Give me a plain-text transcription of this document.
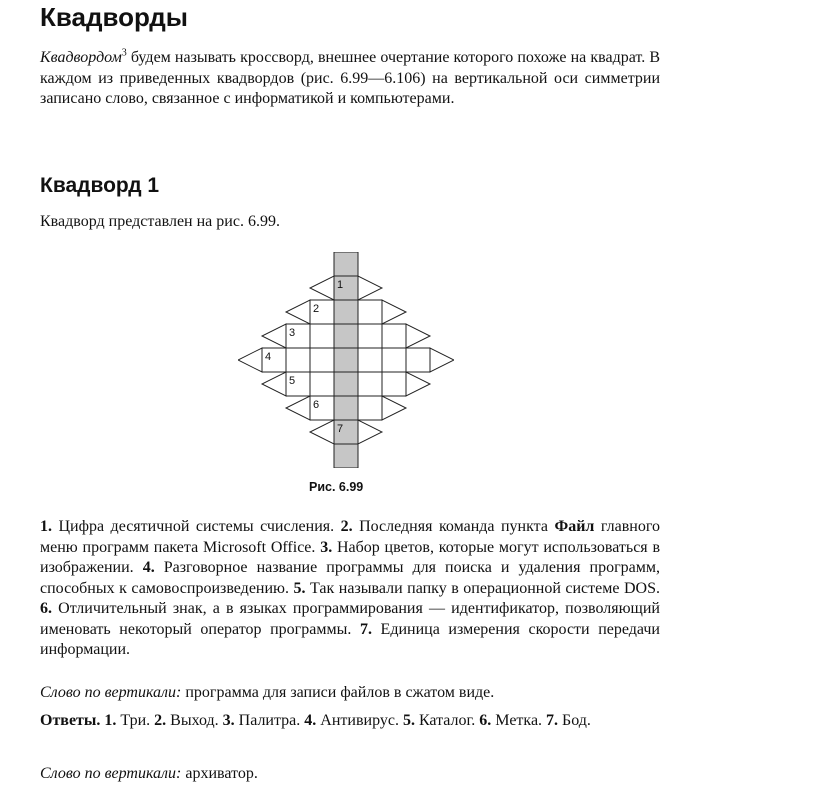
Квадворды

Квадвордом$^3$ будем называть кроссворд, внешнее очертание которого похоже на квадрат. В каждом из приведенных квадвордов (рис. 6.99—6.106) на вертикальной оси симметрии записано слово, связанное с информатикой и компьютерами.

Квадворд 1

Квадворд представлен на рис. 6.99.

1
2
3
4
5
6
7

Рис. 6.99

1. Цифра десятичной системы счисления. 2. Последняя команда пункта Файл главного меню программ пакета Microsoft Office. 3. Набор цветов, которые могут использоваться в изображении. 4. Разговорное название программы для поиска и удаления программ, способных к самовоспроизведению. 5. Так называли папку в операционной системе DOS. 6. Отличительный знак, а в языках программирования — идентификатор, позволяющий именовать некоторый оператор программы. 7. Единица измерения скорости передачи информации.

Слово по вертикали: программа для записи файлов в сжатом виде.

Ответы. 1. Три. 2. Выход. 3. Палитра. 4. Антивирус. 5. Каталог. 6. Метка. 7. Бод.

Слово по вертикали: архиватор.
